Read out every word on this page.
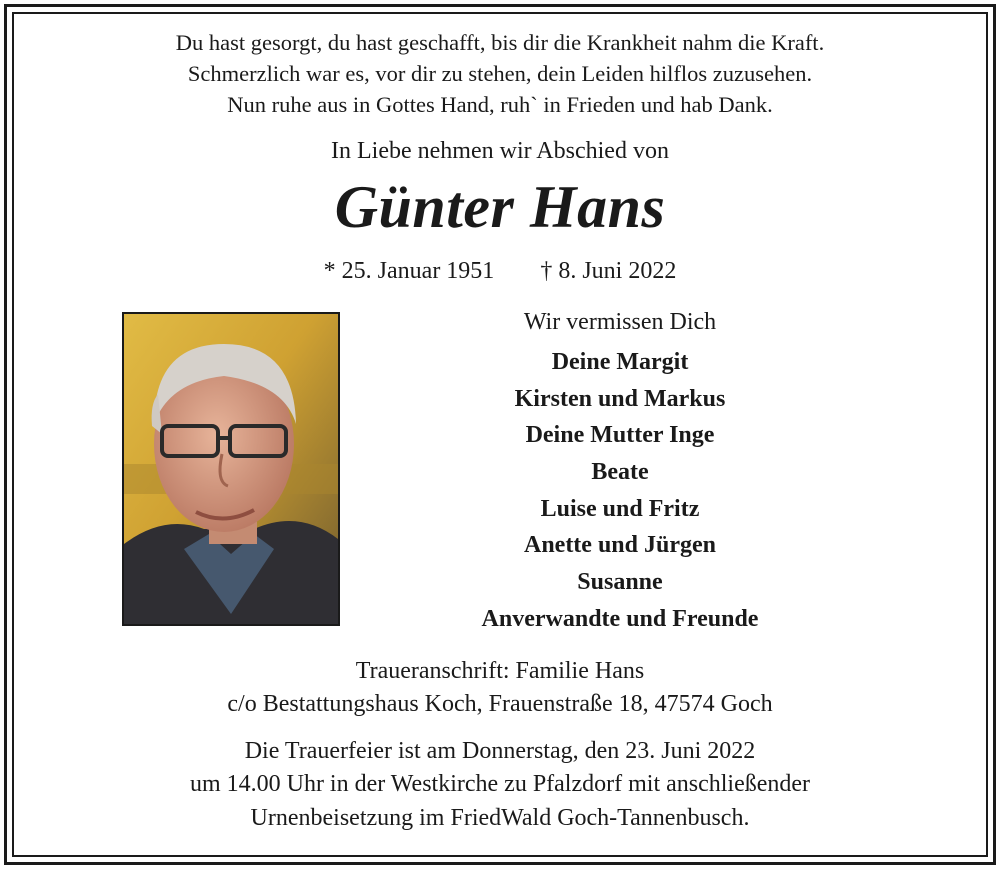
Du hast gesorgt, du hast geschafft, bis dir die Krankheit nahm die Kraft.
Schmerzlich war es, vor dir zu stehen, dein Leiden hilflos zuzusehen.
Nun ruhe aus in Gottes Hand, ruh` in Frieden und hab Dank.
In Liebe nehmen wir Abschied von
Günter Hans
* 25. Januar 1951 † 8. Juni 2022
Wir vermissen Dich
Deine Margit
Kirsten und Markus
Deine Mutter Inge
Beate
Luise und Fritz
Anette und Jürgen
Susanne
Anverwandte und Freunde
Traueranschrift: Familie Hans
c/o Bestattungshaus Koch, Frauenstraße 18, 47574 Goch
Die Trauerfeier ist am Donnerstag, den 23. Juni 2022
um 14.00 Uhr in der Westkirche zu Pfalzdorf mit anschließender
Urnenbeisetzung im FriedWald Goch-Tannenbusch.
